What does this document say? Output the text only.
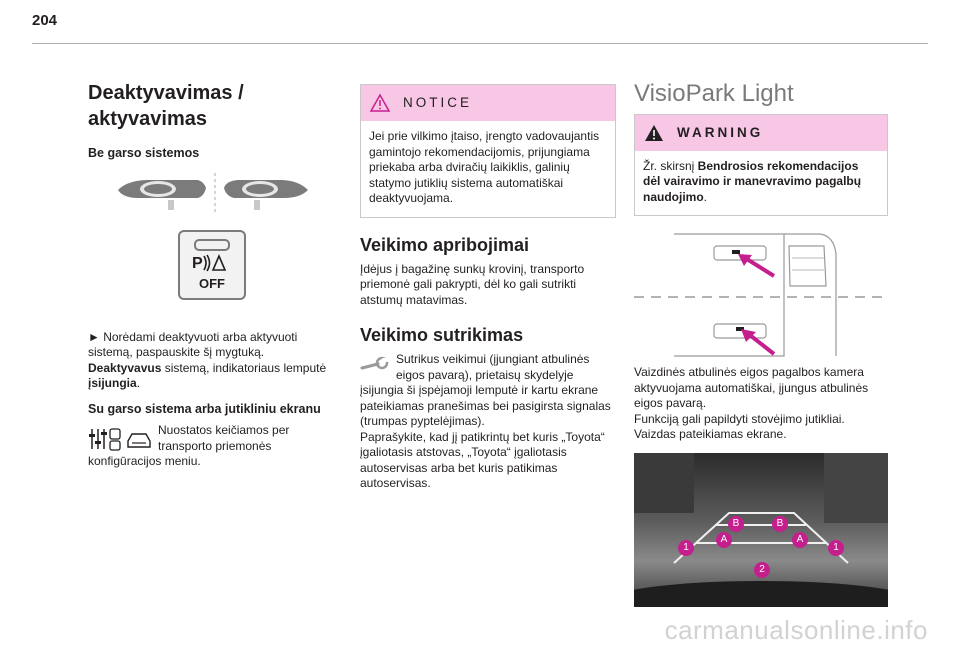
204
Deaktyvavimas / aktyvavimas
Be garso sistemos
P
OFF

► Norėdami deaktyvuoti arba aktyvuoti sistemą, paspauskite šį mygtuką.
Deaktyvavus sistemą, indikatoriaus lemputė įsijungia.

Su garso sistema arba jutikliniu ekranu

Nuostatos keičiamos per transporto priemonės

konfigūracijos meniu.

NOTICE
Jei prie vilkimo įtaiso, įrengto vadovaujantis gamintojo rekomendacijomis, prijungiama priekaba arba dviračių laikiklis, galinių statymo jutiklių sistema automatiškai deaktyvuojama.
Veikimo apribojimai

Įdėjus į bagažinę sunkų krovinį, transporto priemonė gali pakrypti, dėl ko gali sutrikti atstumų matavimas.

Veikimo sutrikimas

Sutrikus veikimui (įjungiant atbulinės eigos pavarą), prietaisų skydelyje įsijungia ši įspėjamoji lemputė ir kartu ekrane pateikiamas pranešimas bei pasigirsta signalas (trumpas pyptelėjimas).

Paprašykite, kad jį patikrintų bet kuris „Toyota“ įgaliotasis atstovas, „Toyota“ įgaliotasis autoservisas arba bet kuris patikimas autoservisas.

VisioPark Light
WARNING
Žr. skirsnį Bendrosios rekomendacijos dėl vairavimo ir manevravimo pagalbų naudojimo.

Vaizdinės atbulinės eigos pagalbos kamera aktyvuojama automatiškai, įjungus atbulinės eigos pavarą.

Funkciją gali papildyti stovėjimo jutikliai.

Vaizdas pateikiamas ekrane.

B	B
A	A
1	1
2
carmanualsonline.info
